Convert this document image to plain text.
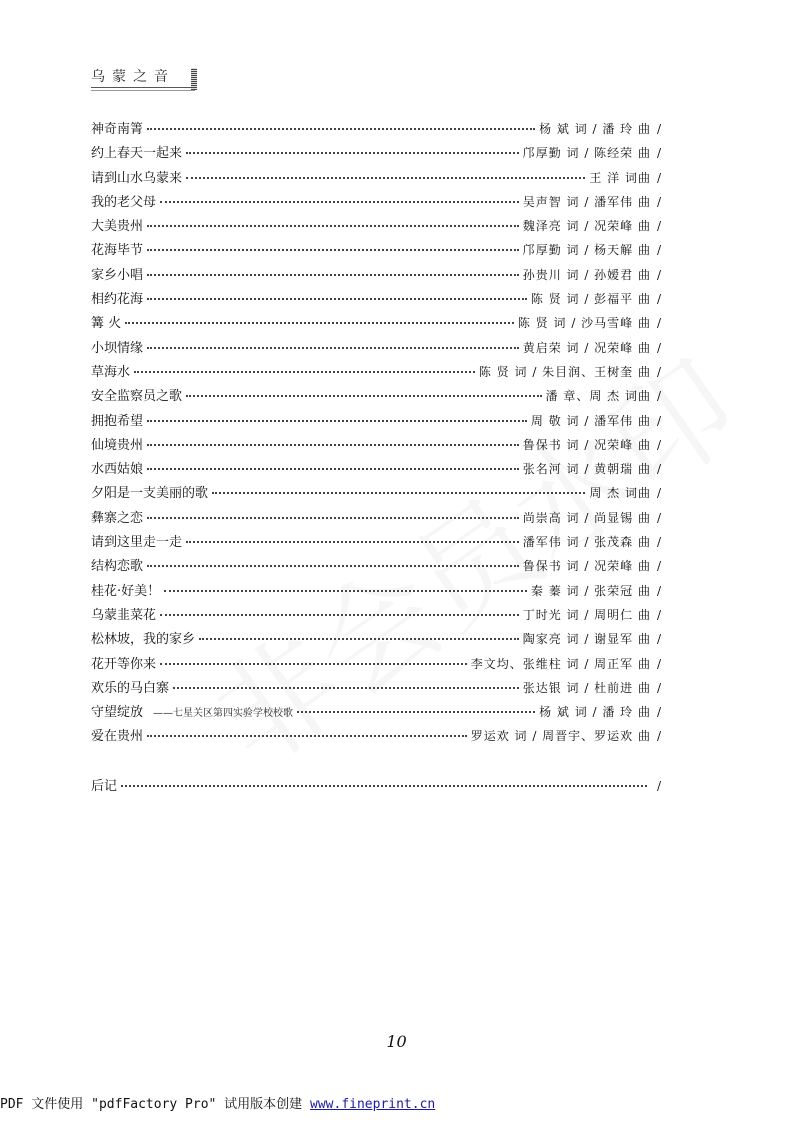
乌蒙之音
神奇南箐	杨 斌 词 / 潘 玲 曲 /
约上春天一起来	邝厚勤 词 / 陈经荣 曲 /
请到山水乌蒙来	王 洋 词曲 /
我的老父母	吴声智 词 / 潘军伟 曲 /
大美贵州	魏泽亮 词 / 况荣峰 曲 /
花海毕节	邝厚勤 词 / 杨天解 曲 /
家乡小唱	孙贵川 词 / 孙嫒君 曲 /
相约花海	陈 贤 词 / 彭福平 曲 /
篝 火	陈 贤 词 / 沙马雪峰 曲 /
小坝情缘	黄启荣 词 / 况荣峰 曲 /
草海水	陈 贤 词 / 朱目润、王树奎 曲 /
安全监察员之歌	潘 章、周 杰 词曲 /
拥抱希望	周 敬 词 / 潘军伟 曲 /
仙境贵州	鲁保书 词 / 况荣峰 曲 /
水西姑娘	张名河 词 / 黄朝瑞 曲 /
夕阳是一支美丽的歌	周 杰 词曲 /
彝寨之恋	尚崇高 词 / 尚显锡 曲 /
请到这里走一走	潘军伟 词 / 张茂森 曲 /
结构恋歌	鲁保书 词 / 况荣峰 曲 /
桂花·好美！	秦 蓁 词 / 张荣冠 曲 /
乌蒙韭菜花	丁时光 词 / 周明仁 曲 /
松林坡，我的家乡	陶家亮 词 / 谢显军 曲 /
花开等你来	李文均、张维柱 词 / 周正军 曲 /
欢乐的马白寨	张达银 词 / 杜前进 曲 /
守望绽放 ——七星关区第四实验学校校歌	杨 斌 词 / 潘 玲 曲 /
爱在贵州	罗运欢 词 / 周晋宇、罗运欢 曲 /
后记	/
10
PDF 文件使用 "pdfFactory Pro" 试用版本创建 www.fineprint.cn
